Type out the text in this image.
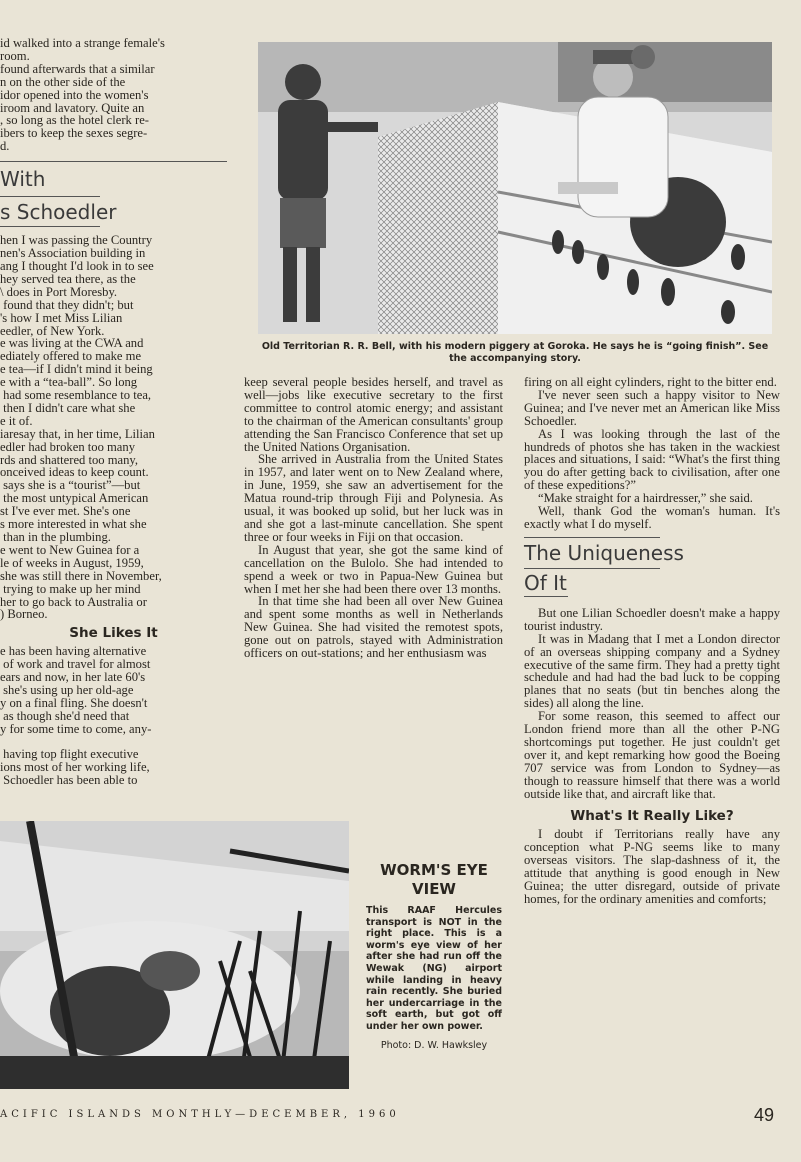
id walked into a strange female's
room.
found afterwards that a similar
n on the other side of the
idor opened into the women's
iroom and lavatory. Quite an
, so long as the hotel clerk re-
ibers to keep the sexes segre-
d.
With
s Schoedler
hen I was passing the Country
nen's Association building in
ang I thought I'd look in to see
hey served tea there, as the
\ does in Port Moresby.
found that they didn't; but
's how I met Miss Lilian
eedler, of New York.
e was living at the CWA and
ediately offered to make me
e tea—if I didn't mind it being
e with a “tea-ball”. So long
had some resemblance to tea,
then I didn't care what she
e it of.
iaresay that, in her time, Lilian
edler had broken too many
rds and shattered too many,
onceived ideas to keep count.
says she is a “tourist”—but
the most untypical American
st I've ever met. She's one
s more interested in what she
than in the plumbing.
e went to New Guinea for a
le of weeks in August, 1959,
she was still there in November,
trying to make up her mind
her to go back to Australia or
) Borneo.
She Likes It
e has been having alternative
of work and travel for almost
ears and now, in her late 60's
she's using up her old-age
y on a final fling. She doesn't
as though she'd need that
y for some time to come, any-
having top flight executive
ions most of her working life,
Schoedler has been able to
Old Territorian R. R. Bell, with his modern piggery at Goroka. He says he is “going finish”. See the accompanying story.

keep several people besides herself, and travel as well—jobs like executive secretary to the first committee to control atomic energy; and assistant to the chairman of the American consultants' group attending the San Francisco Conference that set up the United Nations Organisation.

She arrived in Australia from the United States in 1957, and later went on to New Zealand where, in June, 1959, she saw an advertisement for the Matua round-trip through Fiji and Polynesia. As usual, it was booked up solid, but her luck was in and she got a last-minute cancellation. She spent three or four weeks in Fiji on that occasion.

In August that year, she got the same kind of cancellation on the Bulolo. She had intended to spend a week or two in Papua-New Guinea but when I met her she had been there over 13 months.

In that time she had been all over New Guinea and spent some months as well in Netherlands New Guinea. She had visited the remotest spots, gone out on patrols, stayed with Administration officers on out-stations; and her enthusiasm was

firing on all eight cylinders, right to the bitter end.

I've never seen such a happy visitor to New Guinea; and I've never met an American like Miss Schoedler.

As I was looking through the last of the hundreds of photos she has taken in the wackiest places and situations, I said: “What's the first thing you do after getting back to civilisation, after one of these expeditions?”

“Make straight for a hairdresser,” she said.

Well, thank God the woman's human. It's exactly what I do myself.

The Uniqueness
Of It

But one Lilian Schoedler doesn't make a happy tourist industry.

It was in Madang that I met a London director of an overseas shipping company and a Sydney executive of the same firm. They had a pretty tight schedule and had had the bad luck to be copping planes that no seats (but tin benches along the sides) all along the line.

For some reason, this seemed to affect our London friend more than all the other P-NG shortcomings put together. He just couldn't get over it, and kept remarking how good the Boeing 707 service was from London to Sydney—as though to reassure himself that there was a world outside like that, and aircraft like that.

What's It Really Like?

I doubt if Territorians really have any conception what P-NG seems like to many overseas visitors. The slap-dashness of it, the attitude that anything is good enough in New Guinea; the utter disregard, outside of private homes, for the ordinary amenities and comforts;

WORM'S EYE
VIEW
This RAAF Hercules transport is NOT in the right place. This is a worm's eye view of her after she had run off the Wewak (NG) airport while landing in heavy rain recently. She buried her undercarriage in the soft earth, but got off under her own power.
Photo: D. W. Hawksley
ACIFIC ISLANDS MONTHLY—DECEMBER, 1960	49
